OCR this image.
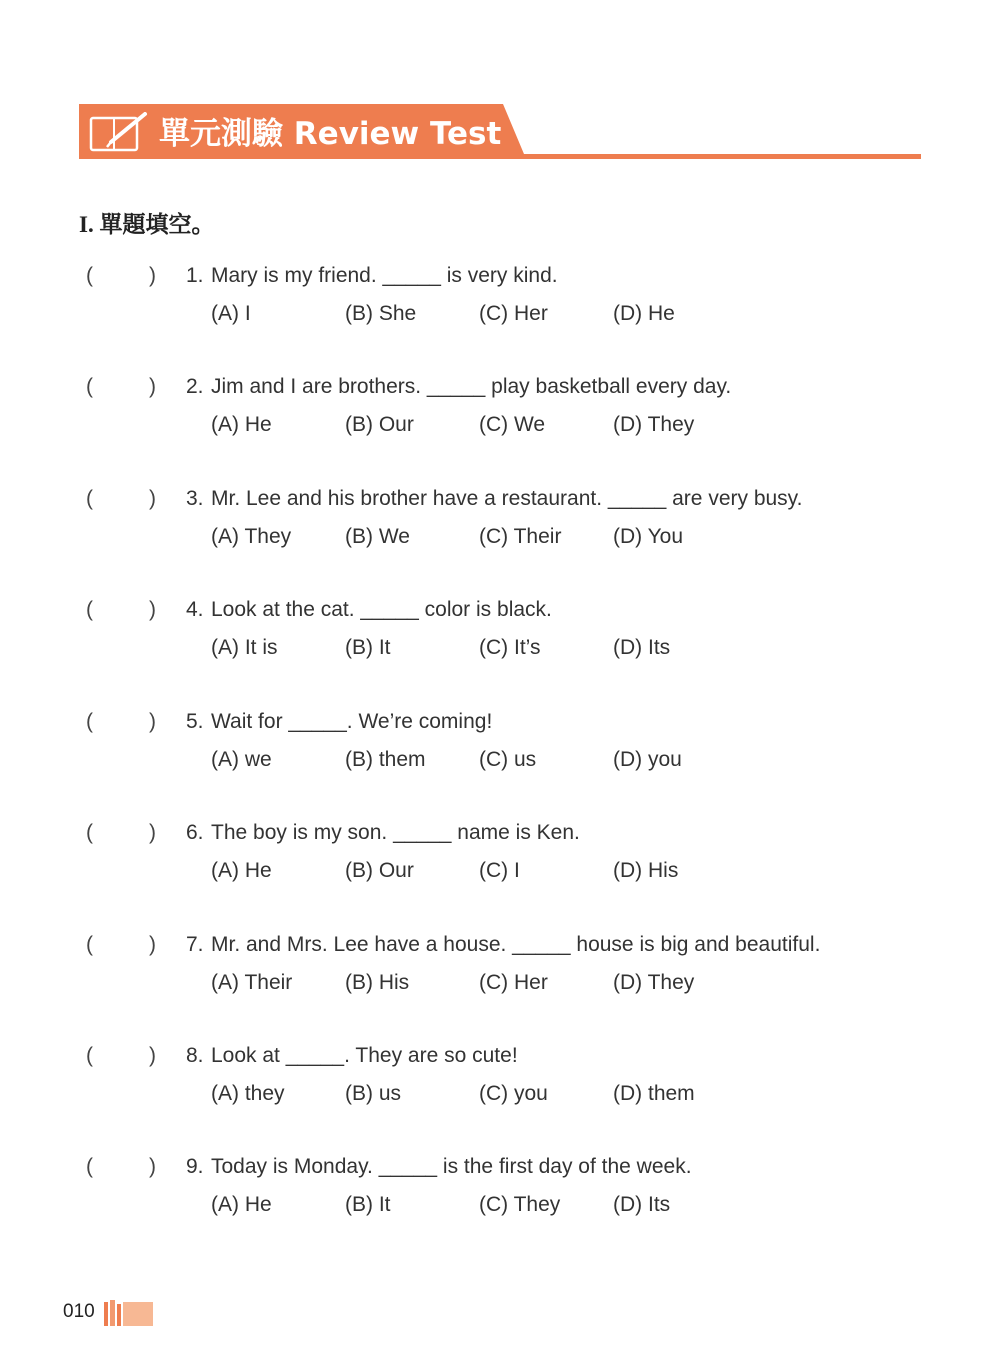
單元測驗 Review Test
I. 單題填空。
(	) 1. Mary is my friend. _____ is very kind.
(A) I	(B) She	(C) Her	(D) He
(	) 2. Jim and I are brothers. _____ play basketball every day.
(A) He	(B) Our	(C) We	(D) They
(	) 3. Mr. Lee and his brother have a restaurant. _____ are very busy.
(A) They	(B) We	(C) Their (D) You
(	) 4. Look at the cat. _____ color is black.
(A) It is	(B) It	(C) It’s	(D) Its
(	) 5. Wait for _____. We’re coming!
(A) we	(B) them	(C) us	(D) you
(	) 6. The boy is my son. _____ name is Ken.
(A) He	(B) Our	(C) I	(D) His
(	) 7. Mr. and Mrs. Lee have a house. _____ house is big and beautiful.
(A) Their	(B) His	(C) Her	(D) They
(	) 8. Look at _____. They are so cute!
(A) they	(B) us	(C) you	(D) them
(	) 9. Today is Monday. _____ is the first day of the week.
(A) He	(B) It	(C) They	(D) Its
010
